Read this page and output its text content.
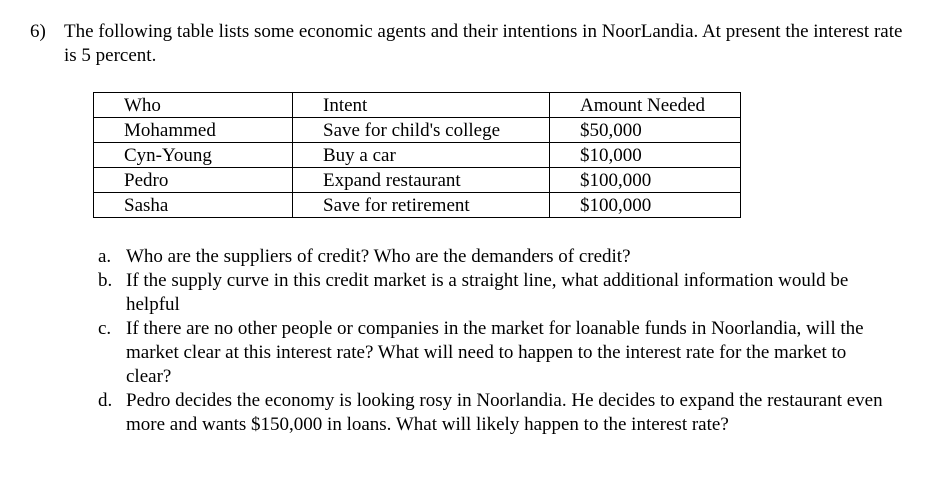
6) The following table lists some economic agents and their intentions in NoorLandia. At present the interest rate is 5 percent.
Who	Intent	Amount Needed
Mohammed	Save for child's college	$50,000
Cyn-Young	Buy a car	$10,000
Pedro	Expand restaurant	$100,000
Sasha	Save for retirement	$100,000
a. Who are the suppliers of credit? Who are the demanders of credit?
b. If the supply curve in this credit market is a straight line, what additional information would be helpful
c. If there are no other people or companies in the market for loanable funds in Noorlandia, will the market clear at this interest rate? What will need to happen to the interest rate for the market to clear?
d. Pedro decides the economy is looking rosy in Noorlandia. He decides to expand the restaurant even more and wants $150,000 in loans. What will likely happen to the interest rate?
